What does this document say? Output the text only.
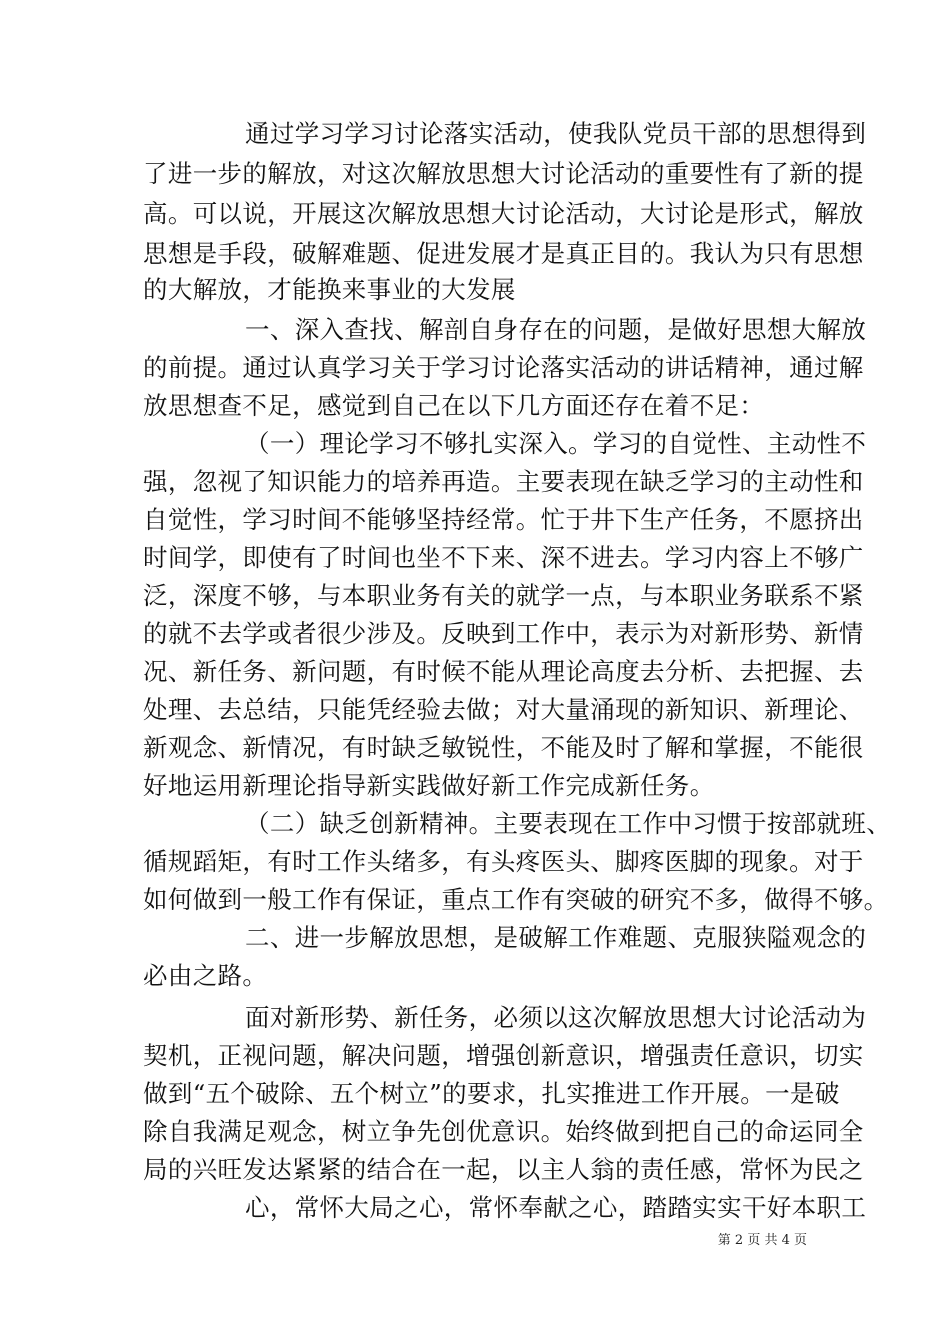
通过学习学习讨论落实活动，使我队党员干部的思想得到
了进一步的解放，对这次解放思想大讨论活动的重要性有了新的提
高。可以说，开展这次解放思想大讨论活动，大讨论是形式，解放
思想是手段，破解难题、促进发展才是真正目的。我认为只有思想
的大解放，才能换来事业的大发展
一、深入查找、解剖自身存在的问题，是做好思想大解放
的前提。通过认真学习关于学习讨论落实活动的讲话精神，通过解
放思想查不足，感觉到自己在以下几方面还存在着不足：
（一）理论学习不够扎实深入。学习的自觉性、主动性不
强，忽视了知识能力的培养再造。主要表现在缺乏学习的主动性和
自觉性，学习时间不能够坚持经常。忙于井下生产任务，不愿挤出
时间学，即使有了时间也坐不下来、深不进去。学习内容上不够广
泛，深度不够，与本职业务有关的就学一点，与本职业务联系不紧
的就不去学或者很少涉及。反映到工作中，表示为对新形势、新情
况、新任务、新问题，有时候不能从理论高度去分析、去把握、去
处理、去总结，只能凭经验去做；对大量涌现的新知识、新理论、
新观念、新情况，有时缺乏敏锐性，不能及时了解和掌握，不能很
好地运用新理论指导新实践做好新工作完成新任务。
（二）缺乏创新精神。主要表现在工作中习惯于按部就班、
循规蹈矩，有时工作头绪多，有头疼医头、脚疼医脚的现象。对于
如何做到一般工作有保证，重点工作有突破的研究不多，做得不够。
二、进一步解放思想，是破解工作难题、克服狭隘观念的
必由之路。
面对新形势、新任务，必须以这次解放思想大讨论活动为
契机，正视问题，解决问题，增强创新意识，增强责任意识，切实
做到“五个破除、五个树立”的要求，扎实推进工作开展。一是破
除自我满足观念，树立争先创优意识。始终做到把自己的命运同全
局的兴旺发达紧紧的结合在一起，以主人翁的责任感，常怀为民之
心，常怀大局之心，常怀奉献之心，踏踏实实干好本职工
第 2 页 共 4 页
